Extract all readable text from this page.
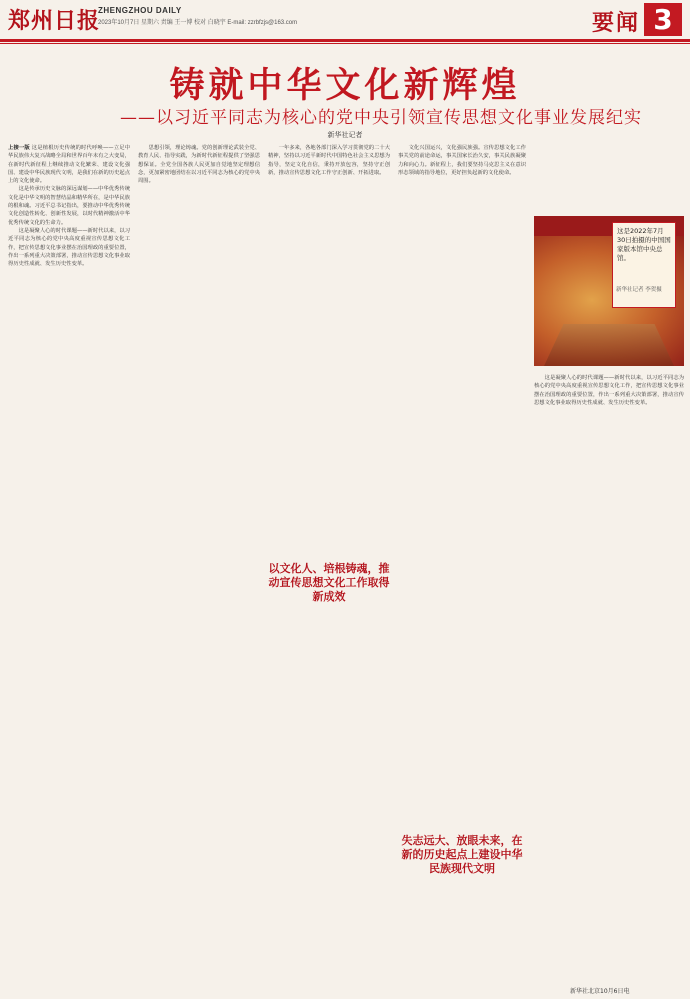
郑州日报
ZHENGZHOU DAILY
2023年10月7日 星期六 责编 王一博 校对 白晓宇 E-mail: zzrbfzjs@163.com	要闻 3
铸就中华文化新辉煌
——以习近平同志为核心的党中央引领宣传思想文化事业发展纪实
新华社记者

上接一版 这是植根历史传统的时代呼唤——立足中华民族伟大复兴战略全局和世界百年未有之大变局，在新时代新征程上继续推动文化繁荣、建设文化强国、建设中华民族现代文明，是我们在新的历史起点上的文化使命。

这是传承历史文脉的深远谋划——中华优秀传统文化是中华文明的智慧结晶和精华所在，是中华民族的根和魂。习近平总书记指出，要推动中华优秀传统文化创造性转化、创新性发展，以时代精神激活中华优秀传统文化的生命力。

这是凝聚人心的时代课题——新时代以来，以习近平同志为核心的党中央高度重视宣传思想文化工作，把宣传思想文化事业摆在治国理政的重要位置，作出一系列重大决策部署，推动宣传思想文化事业取得历史性成就、发生历史性变革。

思想引领，理论铸魂。党的创新理论武装全党、教育人民、指导实践，为新时代新征程提供了坚强思想保证。全党全国各族人民更加自觉地坚定理想信念，更加紧密地团结在以习近平同志为核心的党中央周围。

一年多来，各地各部门深入学习贯彻党的二十大精神，坚持以习近平新时代中国特色社会主义思想为指导，坚定文化自信，秉持开放包容，坚持守正创新，推动宣传思想文化工作守正创新、开拓进取。

文化兴国运兴，文化强民族强。宣传思想文化工作事关党的前途命运，事关国家长治久安，事关民族凝聚力和向心力。新征程上，我们要坚持马克思主义在意识形态领域的指导地位，更好担负起新的文化使命。

这是凝聚人心的时代课题——新时代以来，以习近平同志为核心的党中央高度重视宣传思想文化工作，把宣传思想文化事业摆在治国理政的重要位置，作出一系列重大决策部署，推动宣传思想文化事业取得历史性成就、发生历史性变革。

以文化人、培根铸魂，推动宣传思想文化工作取得新成效
失志远大、放眼未来，在新的历史起点上建设中华民族现代文明
这是2022年7月30日拍摄的中国国家版本馆中央总馆。
新华社记者 李贺摄
新华社北京10月6日电
